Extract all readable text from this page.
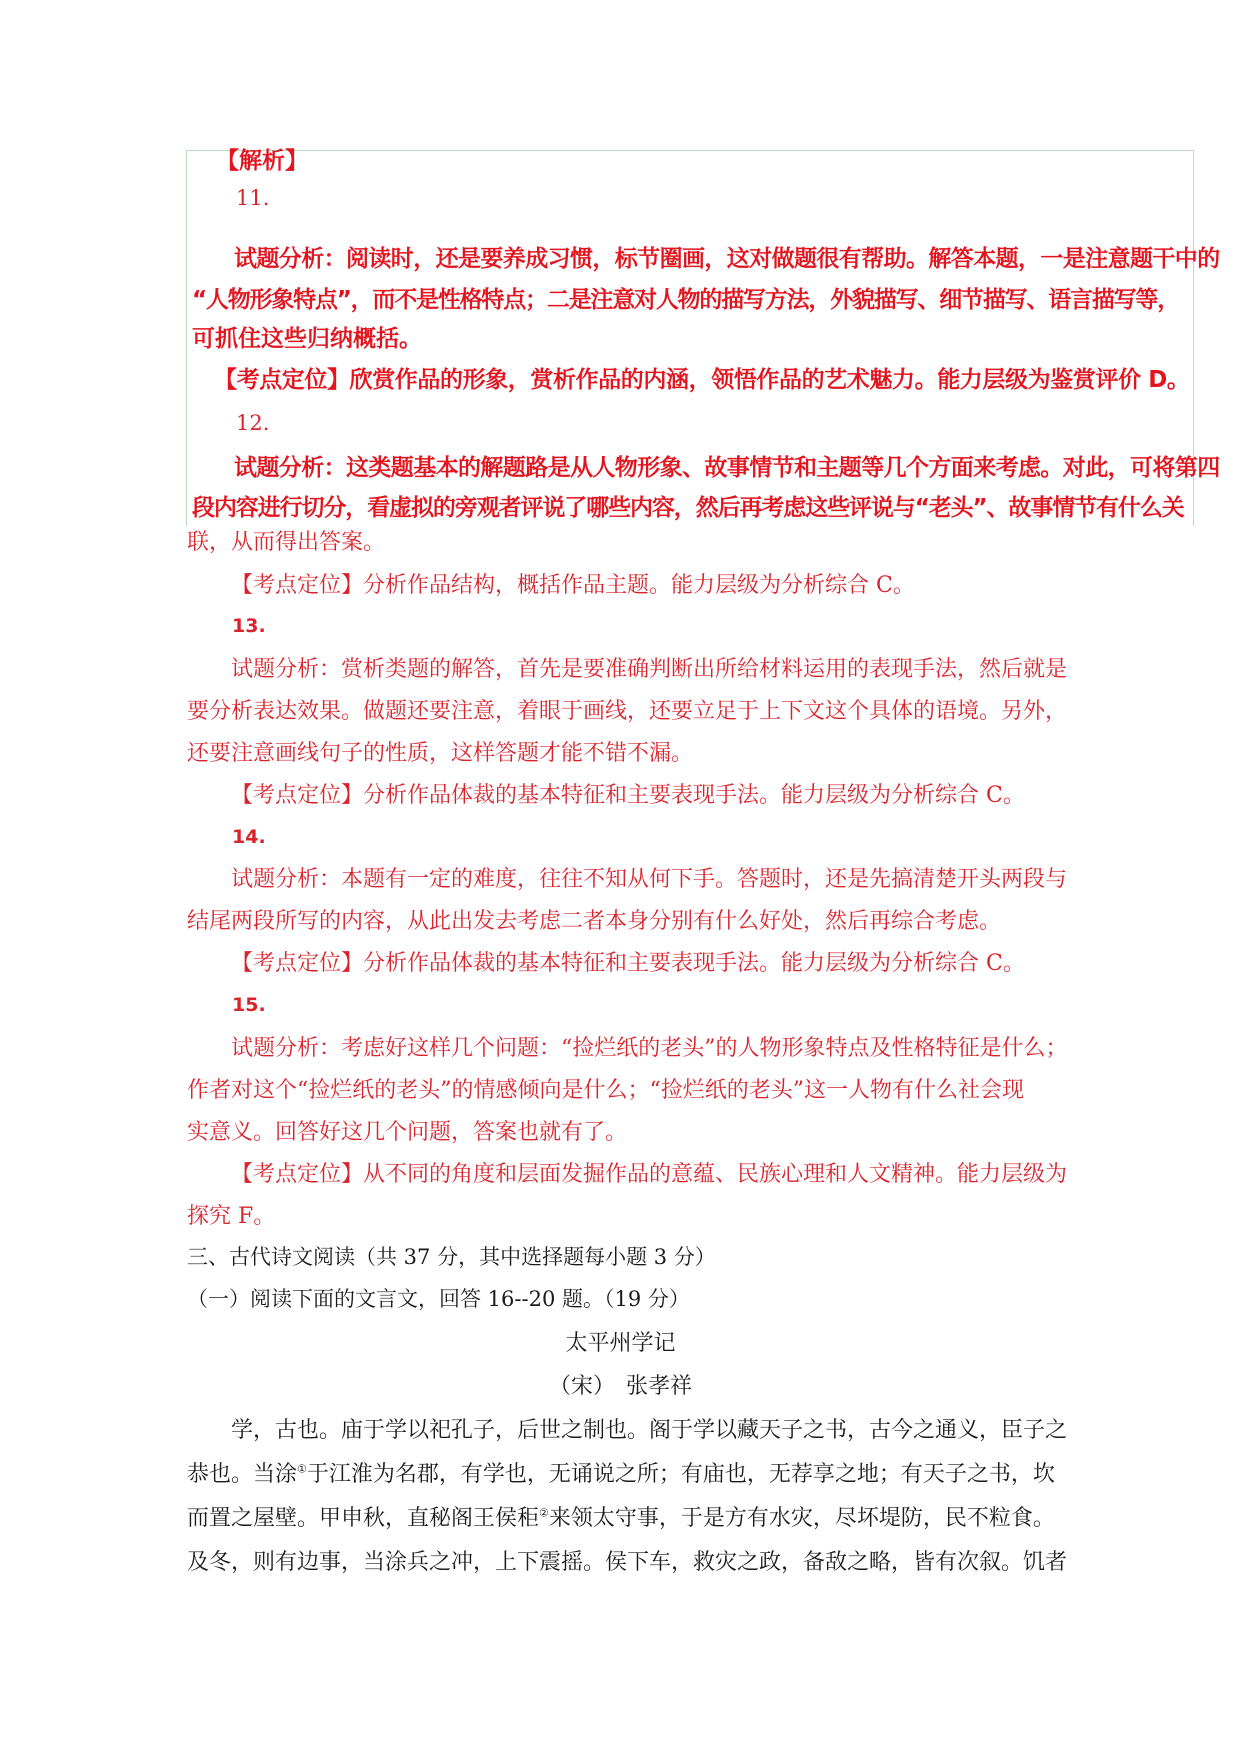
【解析】
11.
试题分析：阅读时，还是要养成习惯，标节圈画，这对做题很有帮助。解答本题，一是注意题干中的
“人物形象特点”，而不是性格特点；二是注意对人物的描写方法，外貌描写、细节描写、语言描写等，
可抓住这些归纳概括。
【考点定位】欣赏作品的形象，赏析作品的内涵，领悟作品的艺术魅力。能力层级为鉴赏评价 D。
12.
试题分析：这类题基本的解题路是从人物形象、故事情节和主题等几个方面来考虑。对此，可将第四
段内容进行切分，看虚拟的旁观者评说了哪些内容，然后再考虑这些评说与“老头”、故事情节有什么关
联，从而得出答案。
【考点定位】分析作品结构，概括作品主题。能力层级为分析综合 C。
13.
试题分析：赏析类题的解答，首先是要准确判断出所给材料运用的表现手法，然后就是
要分析表达效果。做题还要注意，着眼于画线，还要立足于上下文这个具体的语境。另外，
还要注意画线句子的性质，这样答题才能不错不漏。
【考点定位】分析作品体裁的基本特征和主要表现手法。能力层级为分析综合 C。
14.
试题分析：本题有一定的难度，往往不知从何下手。答题时，还是先搞清楚开头两段与
结尾两段所写的内容，从此出发去考虑二者本身分别有什么好处，然后再综合考虑。
【考点定位】分析作品体裁的基本特征和主要表现手法。能力层级为分析综合 C。
15.
试题分析：考虑好这样几个问题：“捡烂纸的老头”的人物形象特点及性格特征是什么；
作者对这个“捡烂纸的老头”的情感倾向是什么；“捡烂纸的老头”这一人物有什么社会现
实意义。回答好这几个问题，答案也就有了。
【考点定位】从不同的角度和层面发掘作品的意蕴、民族心理和人文精神。能力层级为
探究 F。
三、古代诗文阅读（共 37 分，其中选择题每小题 3 分）
（一）阅读下面的文言文，回答 16--20 题。（19 分）
太平州学记
（宋）　张孝祥
学，古也。庙于学以祀孔子，后世之制也。阁于学以藏天子之书，古今之通义，臣子之
恭也。当涂①于江淮为名郡，有学也，无诵说之所；有庙也，无荐享之地；有天子之书，坎
而置之屋壁。甲申秋，直秘阁王侯秬②来领太守事，于是方有水灾，尽坏堤防，民不粒食。
及冬，则有边事，当涂兵之冲，上下震摇。侯下车，救灾之政，备敌之略，皆有次叙。饥者
